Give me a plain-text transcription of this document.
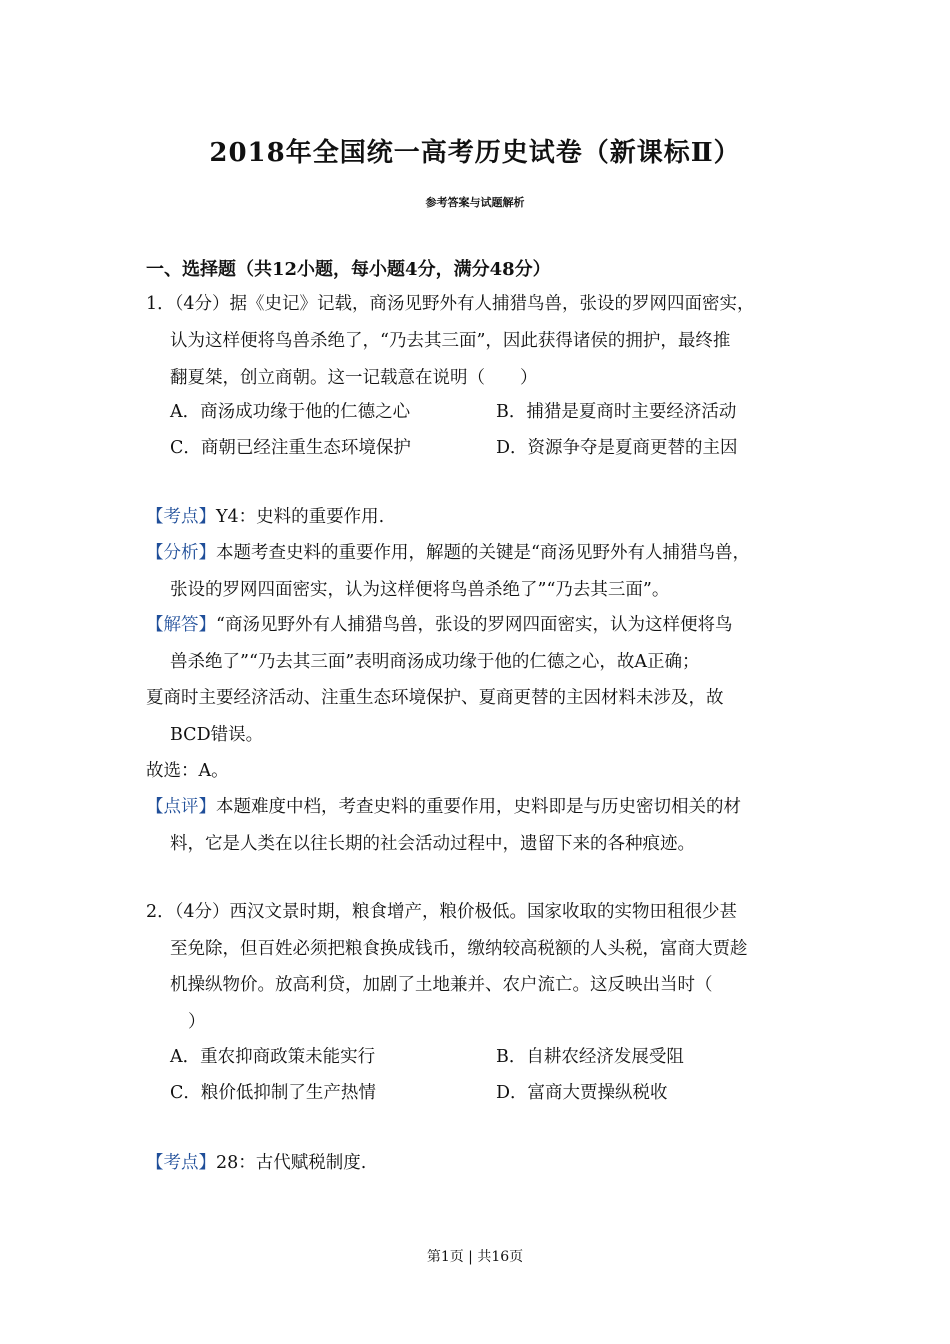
2018年全国统一高考历史试卷（新课标Ⅱ）
参考答案与试题解析
一、选择题（共12小题，每小题4分，满分48分）
1．（4分）据《史记》记载，商汤见野外有人捕猎鸟兽，张设的罗网四面密实，
认为这样便将鸟兽杀绝了，“乃去其三面”，因此获得诸侯的拥护，最终推
翻夏桀，创立商朝。这一记载意在说明（　　）
A．商汤成功缘于他的仁德之心	B．捕猎是夏商时主要经济活动
C．商朝已经注重生态环境保护	D．资源争夺是夏商更替的主因
【考点】Y4：史料的重要作用.
【分析】本题考查史料的重要作用，解题的关键是“商汤见野外有人捕猎鸟兽，
张设的罗网四面密实，认为这样便将鸟兽杀绝了”“乃去其三面”。
【解答】“商汤见野外有人捕猎鸟兽，张设的罗网四面密实，认为这样便将鸟
兽杀绝了”“乃去其三面”表明商汤成功缘于他的仁德之心，故A正确；
夏商时主要经济活动、注重生态环境保护、夏商更替的主因材料未涉及，故
BCD错误。
故选：A。
【点评】本题难度中档，考查史料的重要作用，史料即是与历史密切相关的材
料，它是人类在以往长期的社会活动过程中，遗留下来的各种痕迹。
2．（4分）西汉文景时期，粮食增产，粮价极低。国家收取的实物田租很少甚
至免除，但百姓必须把粮食换成钱币，缴纳较高税额的人头税，富商大贾趁
机操纵物价。放高利贷，加剧了土地兼并、农户流亡。这反映出当时（
）
A．重农抑商政策未能实行	B．自耕农经济发展受阻
C．粮价低抑制了生产热情	D．富商大贾操纵税收
【考点】28：古代赋税制度.
第1页 | 共16页
